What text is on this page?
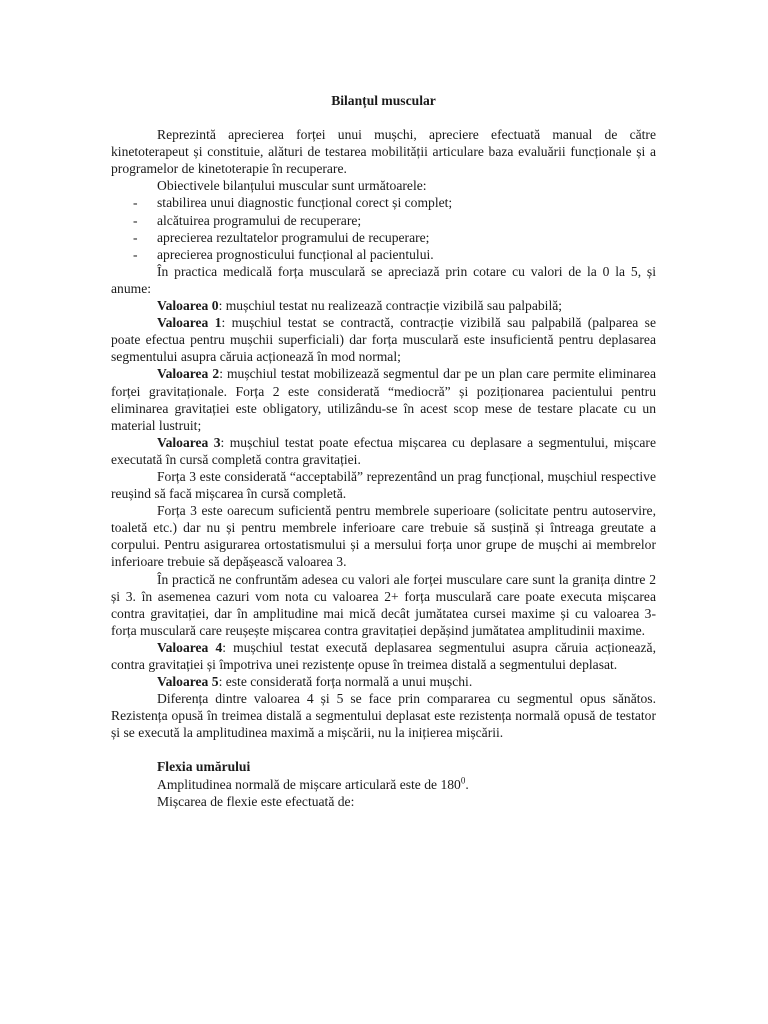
Bilanțul muscular

Reprezintă aprecierea forței unui mușchi, apreciere efectuată manual de către kinetoterapeut și constituie, alături de testarea mobilității articulare baza evaluării funcționale și a programelor de kinetoterapie în recuperare.

Obiectivele bilanțului muscular sunt următoarele:

- stabilirea unui diagnostic funcțional corect și complet;
- alcătuirea programului de recuperare;
- aprecierea rezultatelor programului de recuperare;
- aprecierea prognosticului funcțional al pacientului.

În practica medicală forța musculară se apreciază prin cotare cu valori de la 0 la 5, și anume:

Valoarea 0: mușchiul testat nu realizează contracție vizibilă sau palpabilă;

Valoarea 1: mușchiul testat se contractă, contracție vizibilă sau palpabilă (palparea se poate efectua pentru mușchii superficiali) dar forța musculară este insuficientă pentru deplasarea segmentului asupra căruia acționează în mod normal;

Valoarea 2: mușchiul testat mobilizează segmentul dar pe un plan care permite eliminarea forței gravitaționale. Forța 2 este considerată “mediocră” și poziționarea pacientului pentru eliminarea gravitației este obligatory, utilizându-se în acest scop mese de testare placate cu un material lustruit;

Valoarea 3: mușchiul testat poate efectua mișcarea cu deplasare a segmentului, mișcare executată în cursă completă contra gravitației.

Forța 3 este considerată “acceptabilă” reprezentând un prag funcțional, mușchiul respective reușind să facă mișcarea în cursă completă.

Forța 3 este oarecum suficientă pentru membrele superioare (solicitate pentru autoservire, toaletă etc.) dar nu și pentru membrele inferioare care trebuie să susțină și întreaga greutate a corpului. Pentru asigurarea ortostatismului și a mersului forța unor grupe de mușchi ai membrelor inferioare trebuie să depășească valoarea 3.

În practică ne confruntăm adesea cu valori ale forței musculare care sunt la granița dintre 2 și 3. în asemenea cazuri vom nota cu valoarea 2+ forța musculară care poate executa mișcarea contra gravitației, dar în amplitudine mai mică decât jumătatea cursei maxime și cu valoarea 3- forța musculară care reușește mișcarea contra gravitației depășind jumătatea amplitudinii maxime.

Valoarea 4: mușchiul testat execută deplasarea segmentului asupra căruia acționează, contra gravitației și împotriva unei rezistențe opuse în treimea distală a segmentului deplasat.

Valoarea 5: este considerată forța normală a unui mușchi.

Diferența dintre valoarea 4 și 5 se face prin compararea cu segmentul opus sănătos. Rezistența opusă în treimea distală a segmentului deplasat este rezistența normală opusă de testator și se execută la amplitudinea maximă a mișcării, nu la inițierea mișcării.

Flexia umărului

Amplitudinea normală de mișcare articulară este de $180^0$.

Mișcarea de flexie este efectuată de:
